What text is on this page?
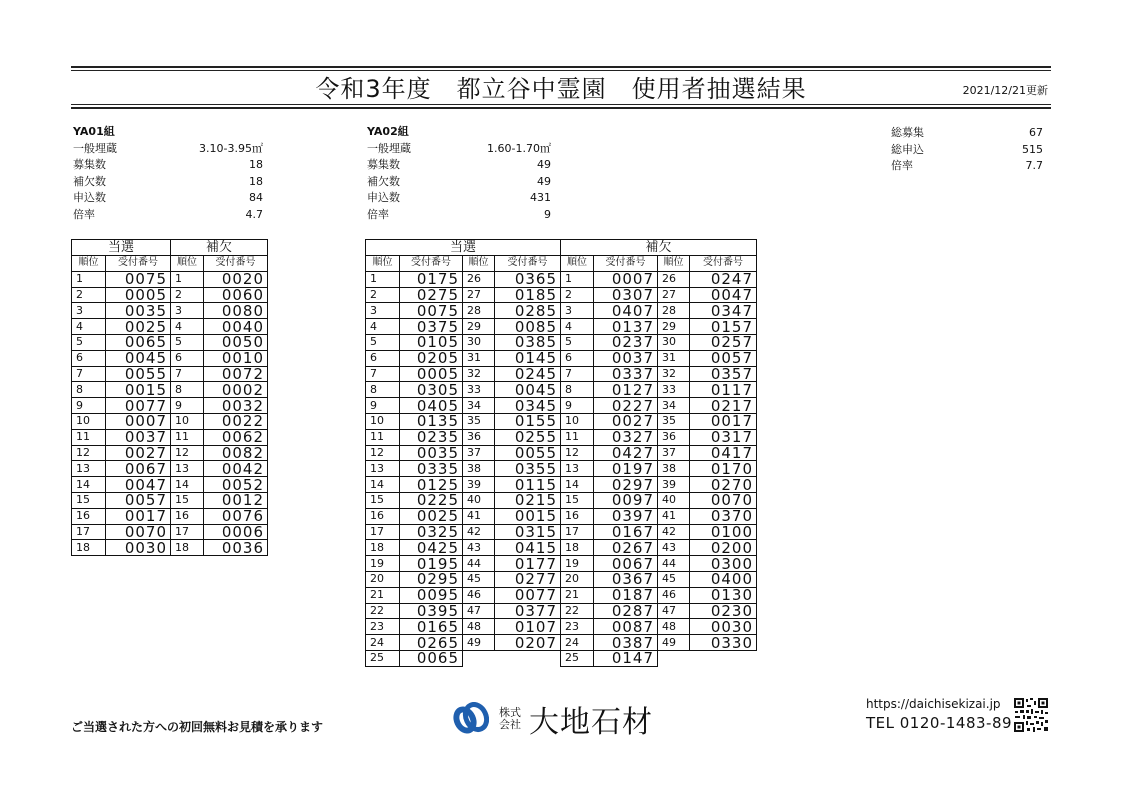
令和3年度　都立谷中霊園　使用者抽選結果	2021/12/21更新
YA01組
一般埋蔵	3.10-3.95㎡
募集数	18
補欠数	18
申込数	84
倍率	4.7
YA02組
一般埋蔵	1.60-1.70㎡
募集数	49
補欠数	49
申込数	431
倍率	9
総募集	67
総申込	515
倍率	7.7
当選		補欠	
順位	受付番号	順位	受付番号
1	0075	1	0020
2	0005	2	0060
3	0035	3	0080
4	0025	4	0040
5	0065	5	0050
6	0045	6	0010
7	0055	7	0072
8	0015	8	0002
9	0077	9	0032
10	0007	10	0022
11	0037	11	0062
12	0027	12	0082
13	0067	13	0042
14	0047	14	0052
15	0057	15	0012
16	0017	16	0076
17	0070	17	0006
18	0030	18	0036
当選				補欠			
順位	受付番号	順位	受付番号	順位	受付番号	順位	受付番号
1	0175	26	0365	1	0007	26	0247
2	0275	27	0185	2	0307	27	0047
3	0075	28	0285	3	0407	28	0347
4	0375	29	0085	4	0137	29	0157
5	0105	30	0385	5	0237	30	0257
6	0205	31	0145	6	0037	31	0057
7	0005	32	0245	7	0337	32	0357
8	0305	33	0045	8	0127	33	0117
9	0405	34	0345	9	0227	34	0217
10	0135	35	0155	10	0027	35	0017
11	0235	36	0255	11	0327	36	0317
12	0035	37	0055	12	0427	37	0417
13	0335	38	0355	13	0197	38	0170
14	0125	39	0115	14	0297	39	0270
15	0225	40	0215	15	0097	40	0070
16	0025	41	0015	16	0397	41	0370
17	0325	42	0315	17	0167	42	0100
18	0425	43	0415	18	0267	43	0200
19	0195	44	0177	19	0067	44	0300
20	0295	45	0277	20	0367	45	0400
21	0095	46	0077	21	0187	46	0130
22	0395	47	0377	22	0287	47	0230
23	0165	48	0107	23	0087	48	0030
24	0265	49	0207	24	0387	49	0330
25	0065			25	0147		
ご当選された方への初回無料お見積を承ります
株式会社 大地石材
https://daichisekizai.jp
TEL 0120-1483-89
